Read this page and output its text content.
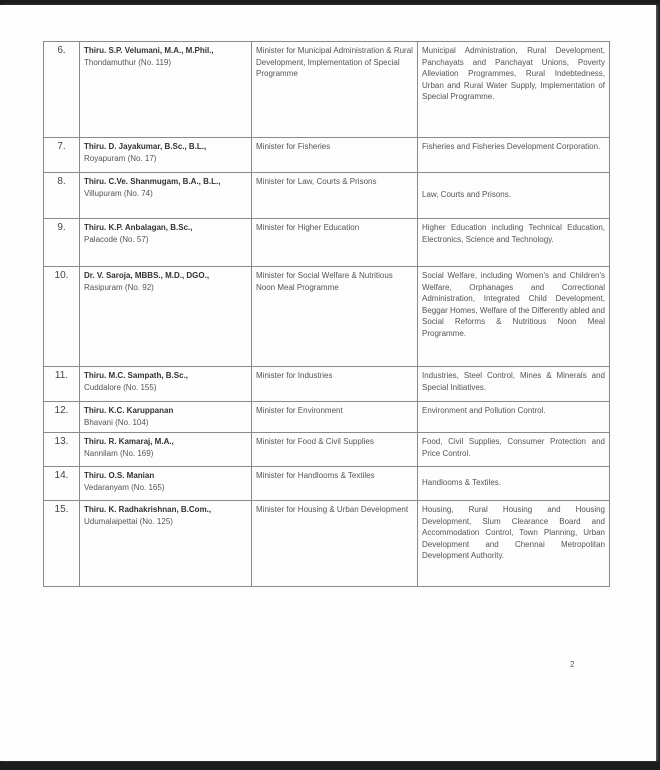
6.	Thiru. S.P. Velumani, M.A., M.Phil.,
Thondamuthur (No. 119)	Minister for Municipal Administration & Rural Development, Implementation of Special Programme	Municipal Administration, Rural Development, Panchayats and Panchayat Unions, Poverty Alleviation Programmes, Rural Indebtedness, Urban and Rural Water Supply, Implementation of Special Programme.
7.	Thiru. D. Jayakumar, B.Sc., B.L.,
Royapuram (No. 17)	Minister for Fisheries	Fisheries and Fisheries Development Corporation.
8.	Thiru. C.Ve. Shanmugam, B.A., B.L.,
Villupuram (No. 74)	Minister for Law, Courts & Prisons	Law, Courts and Prisons.
9.	Thiru. K.P. Anbalagan, B.Sc.,
Palacode (No. 57)	Minister for Higher Education	Higher Education including Technical Education, Electronics, Science and Technology.
10.	Dr. V. Saroja, MBBS., M.D., DGO.,
Rasipuram (No. 92)	Minister for Social Welfare & Nutritious Noon Meal Programme	Social Welfare, including Women's and Children's Welfare, Orphanages and Correctional Administration, Integrated Child Development, Beggar Homes, Welfare of the Differently abled and Social Reforms & Nutritious Noon Meal Programme.
11.	Thiru. M.C. Sampath, B.Sc.,
Cuddalore (No. 155)	Minister for Industries	Industries, Steel Control, Mines & Minerals and Special Initiatives.
12.	Thiru. K.C. Karuppanan
Bhavani (No. 104)	Minister for Environment	Environment and Pollution Control.
13.	Thiru. R. Kamaraj, M.A.,
Nannilam (No. 169)	Minister for Food & Civil Supplies	Food, Civil Supplies, Consumer Protection and Price Control.
14.	Thiru. O.S. Manian
Vedaranyam (No. 165)	Minister for Handlooms & Textiles	Handlooms & Textiles.
15.	Thiru. K. Radhakrishnan, B.Com.,
Udumalaipettai (No. 125)	Minister for Housing & Urban Development	Housing, Rural Housing and Housing Development, Slum Clearance Board and Accommodation Control, Town Planning, Urban Development and Chennai Metropolitan Development Authority.
2
